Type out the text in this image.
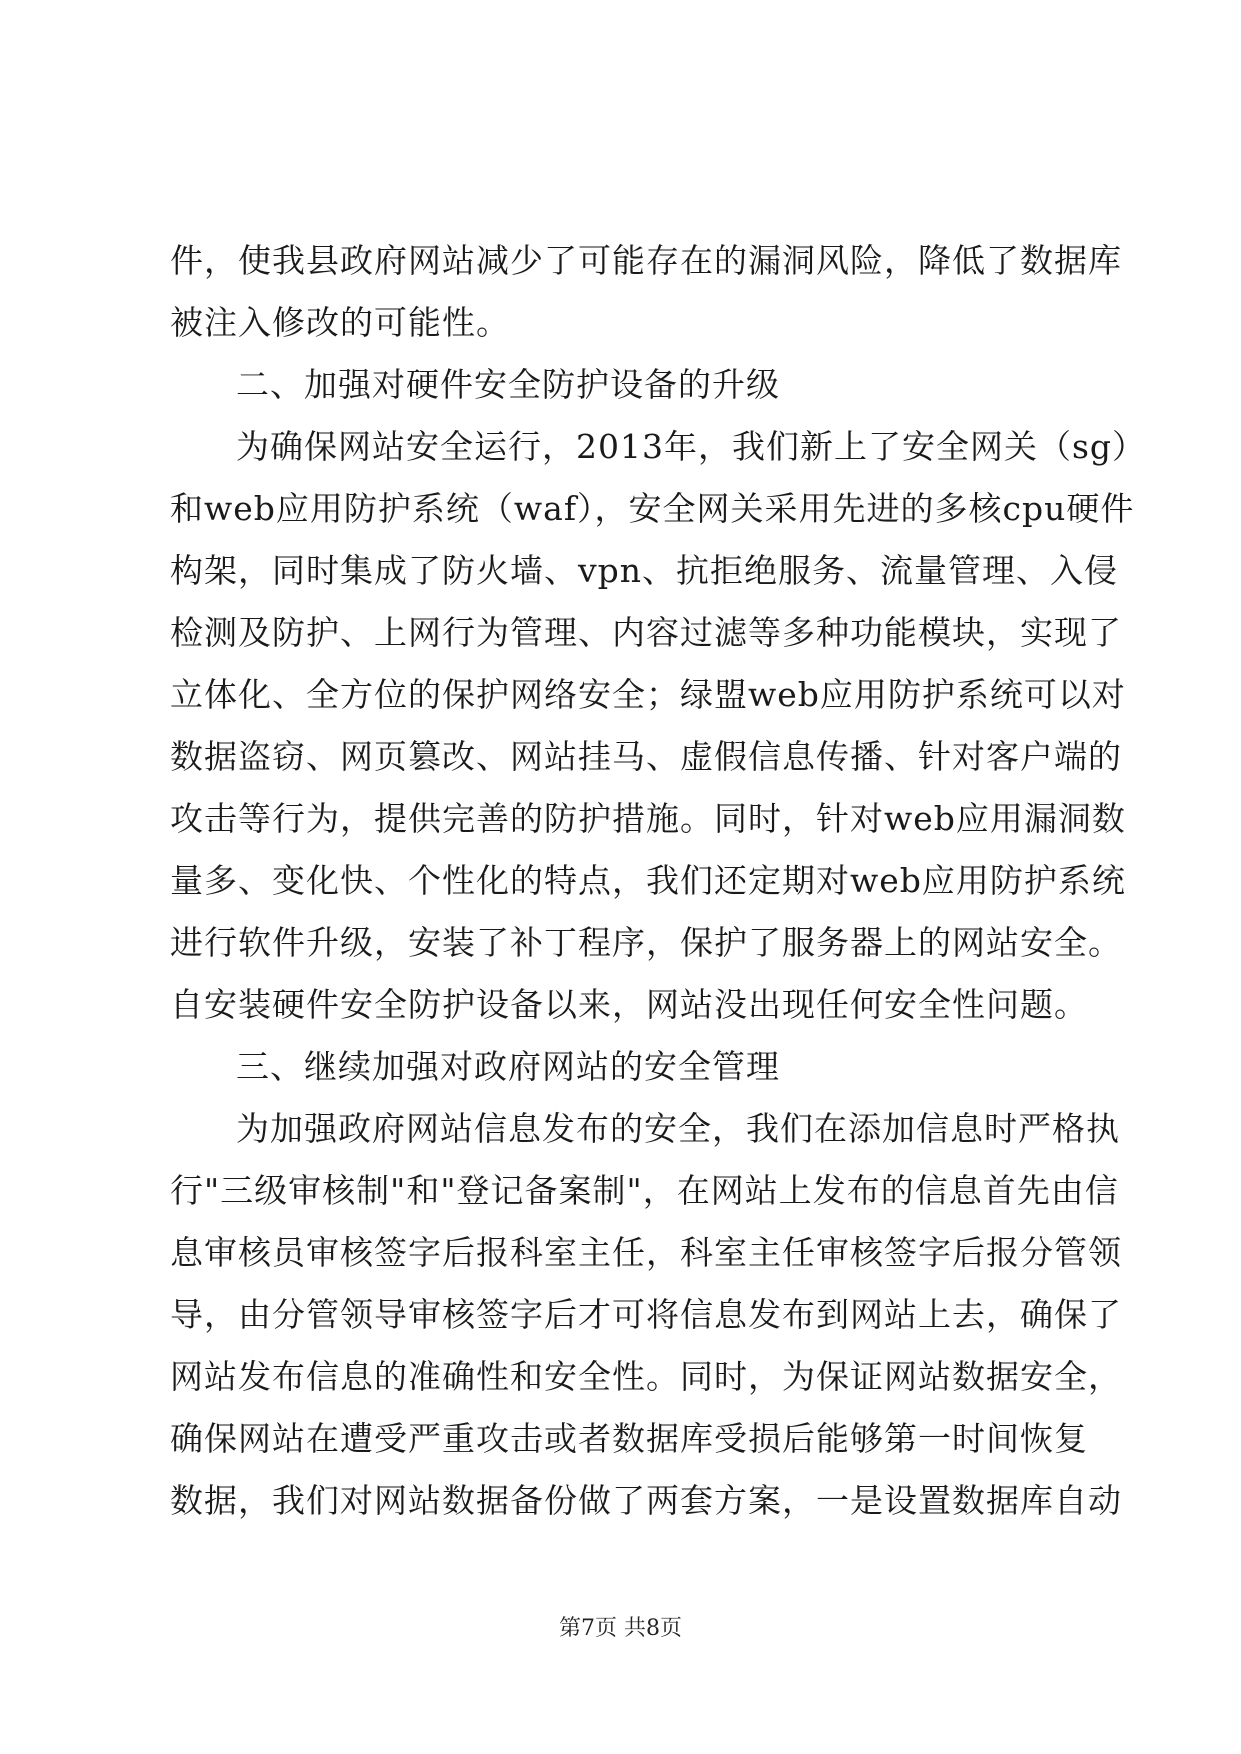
件，使我县政府网站减少了可能存在的漏洞风险，降低了数据库
被注入修改的可能性。
二、加强对硬件安全防护设备的升级
为确保网站安全运行，2013年，我们新上了安全网关（sg）
和web应用防护系统（waf），安全网关采用先进的多核cpu硬件
构架，同时集成了防火墙、vpn、抗拒绝服务、流量管理、入侵
检测及防护、上网行为管理、内容过滤等多种功能模块，实现了
立体化、全方位的保护网络安全；绿盟web应用防护系统可以对
数据盗窃、网页篡改、网站挂马、虚假信息传播、针对客户端的
攻击等行为，提供完善的防护措施。同时，针对web应用漏洞数
量多、变化快、个性化的特点，我们还定期对web应用防护系统
进行软件升级，安装了补丁程序，保护了服务器上的网站安全。
自安装硬件安全防护设备以来，网站没出现任何安全性问题。
三、继续加强对政府网站的安全管理
为加强政府网站信息发布的安全，我们在添加信息时严格执
行"三级审核制"和"登记备案制"，在网站上发布的信息首先由信
息审核员审核签字后报科室主任，科室主任审核签字后报分管领
导，由分管领导审核签字后才可将信息发布到网站上去，确保了
网站发布信息的准确性和安全性。同时，为保证网站数据安全，
确保网站在遭受严重攻击或者数据库受损后能够第一时间恢复
数据，我们对网站数据备份做了两套方案，一是设置数据库自动
第7页 共8页
